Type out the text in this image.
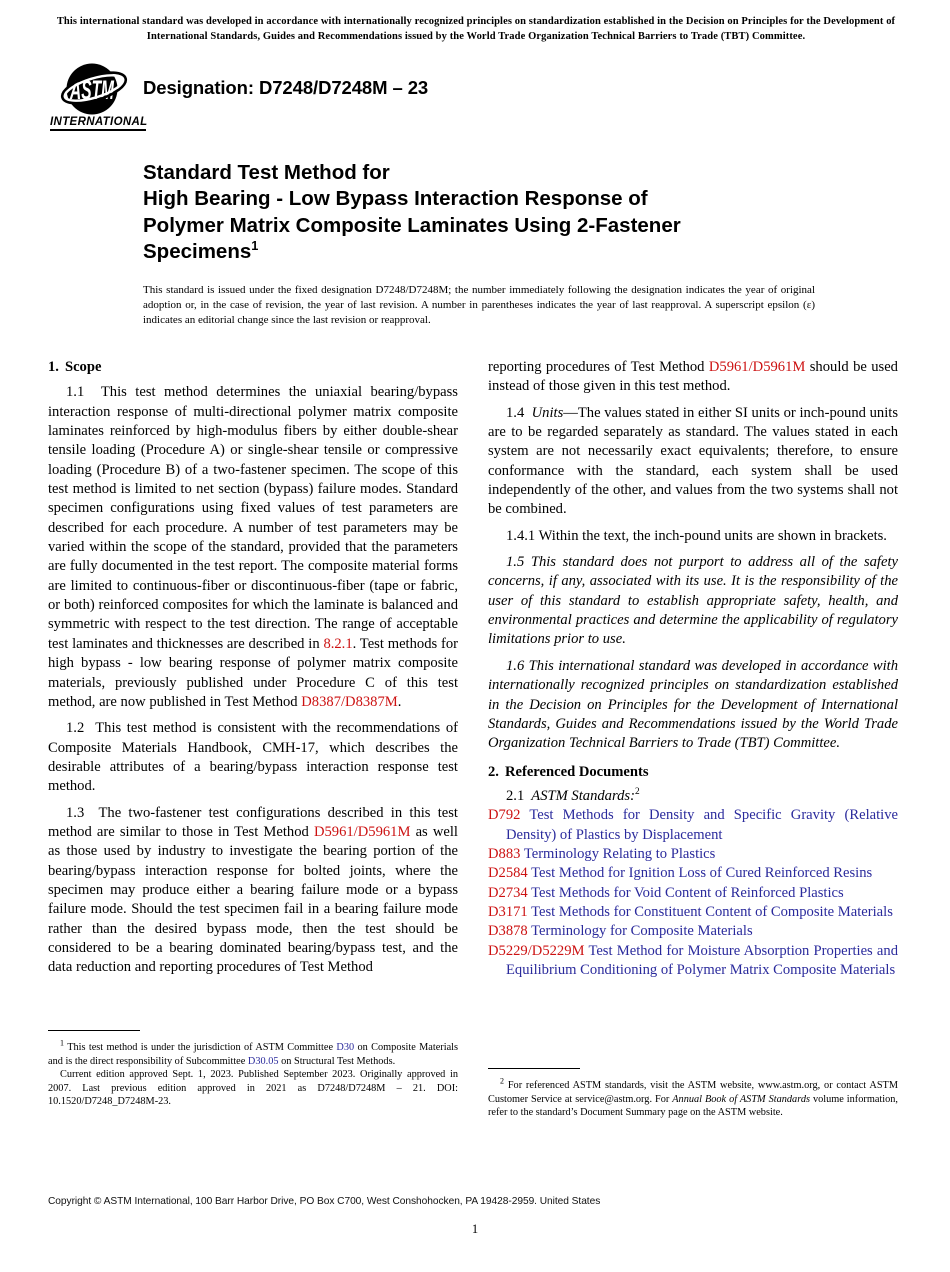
This international standard was developed in accordance with internationally recognized principles on standardization established in the Decision on Principles for the Development of International Standards, Guides and Recommendations issued by the World Trade Organization Technical Barriers to Trade (TBT) Committee.
ASTM
INTERNATIONAL
Designation: D7248/D7248M – 23
Standard Test Method for
High Bearing - Low Bypass Interaction Response of
Polymer Matrix Composite Laminates Using 2-Fastener
Specimens$^1$
This standard is issued under the fixed designation D7248/D7248M; the number immediately following the designation indicates the year of original adoption or, in the case of revision, the year of last revision. A number in parentheses indicates the year of last reapproval. A superscript epsilon (ε) indicates an editorial change since the last revision or reapproval.
1. Scope

1.1 This test method determines the uniaxial bearing/bypass interaction response of multi-directional polymer matrix composite laminates reinforced by high-modulus fibers by either double-shear tensile loading (Procedure A) or single-shear tensile or compressive loading (Procedure B) of a two-fastener specimen. The scope of this test method is limited to net section (bypass) failure modes. Standard specimen configurations using fixed values of test parameters are described for each procedure. A number of test parameters may be varied within the scope of the standard, provided that the parameters are fully documented in the test report. The composite material forms are limited to continuous-fiber or discontinuous-fiber (tape or fabric, or both) reinforced composites for which the laminate is balanced and symmetric with respect to the test direction. The range of acceptable test laminates and thicknesses are described in 8.2.1. Test methods for high bypass - low bearing response of polymer matrix composite materials, previously published under Procedure C of this test method, are now published in Test Method D8387/D8387M.

1.2 This test method is consistent with the recommendations of Composite Materials Handbook, CMH-17, which describes the desirable attributes of a bearing/bypass interaction response test method.

1.3 The two-fastener test configurations described in this test method are similar to those in Test Method D5961/D5961M as well as those used by industry to investigate the bearing portion of the bearing/bypass interaction response for bolted joints, where the specimen may produce either a bearing failure mode or a bypass failure mode. Should the test specimen fail in a bearing failure mode rather than the desired bypass mode, then the test should be considered to be a bearing dominated bearing/bypass test, and the data reduction and reporting procedures of Test Method

reporting procedures of Test Method D5961/D5961M should be used instead of those given in this test method.

1.4 Units—The values stated in either SI units or inch-pound units are to be regarded separately as standard. The values stated in each system are not necessarily exact equivalents; therefore, to ensure conformance with the standard, each system shall be used independently of the other, and values from the two systems shall not be combined.

1.4.1 Within the text, the inch-pound units are shown in brackets.

1.5 This standard does not purport to address all of the safety concerns, if any, associated with its use. It is the responsibility of the user of this standard to establish appropriate safety, health, and environmental practices and determine the applicability of regulatory limitations prior to use.

1.6 This international standard was developed in accordance with internationally recognized principles on standardization established in the Decision on Principles for the Development of International Standards, Guides and Recommendations issued by the World Trade Organization Technical Barriers to Trade (TBT) Committee.

2. Referenced Documents

2.1 ASTM Standards:$^2$

D792 Test Methods for Density and Specific Gravity (Relative Density) of Plastics by Displacement
D883 Terminology Relating to Plastics
D2584 Test Method for Ignition Loss of Cured Reinforced Resins
D2734 Test Methods for Void Content of Reinforced Plastics
D3171 Test Methods for Constituent Content of Composite Materials
D3878 Terminology for Composite Materials
D5229/D5229M Test Method for Moisture Absorption Properties and Equilibrium Conditioning of Polymer Matrix Composite Materials

$^1$ This test method is under the jurisdiction of ASTM Committee D30 on Composite Materials and is the direct responsibility of Subcommittee D30.05 on Structural Test Methods.

Current edition approved Sept. 1, 2023. Published September 2023. Originally approved in 2007. Last previous edition approved in 2021 as D7248/D7248M – 21. DOI: 10.1520/D7248_D7248M-23.

$^2$ For referenced ASTM standards, visit the ASTM website, www.astm.org, or contact ASTM Customer Service at service@astm.org. For Annual Book of ASTM Standards volume information, refer to the standard’s Document Summary page on the ASTM website.

Copyright © ASTM International, 100 Barr Harbor Drive, PO Box C700, West Conshohocken, PA 19428-2959. United States
1
